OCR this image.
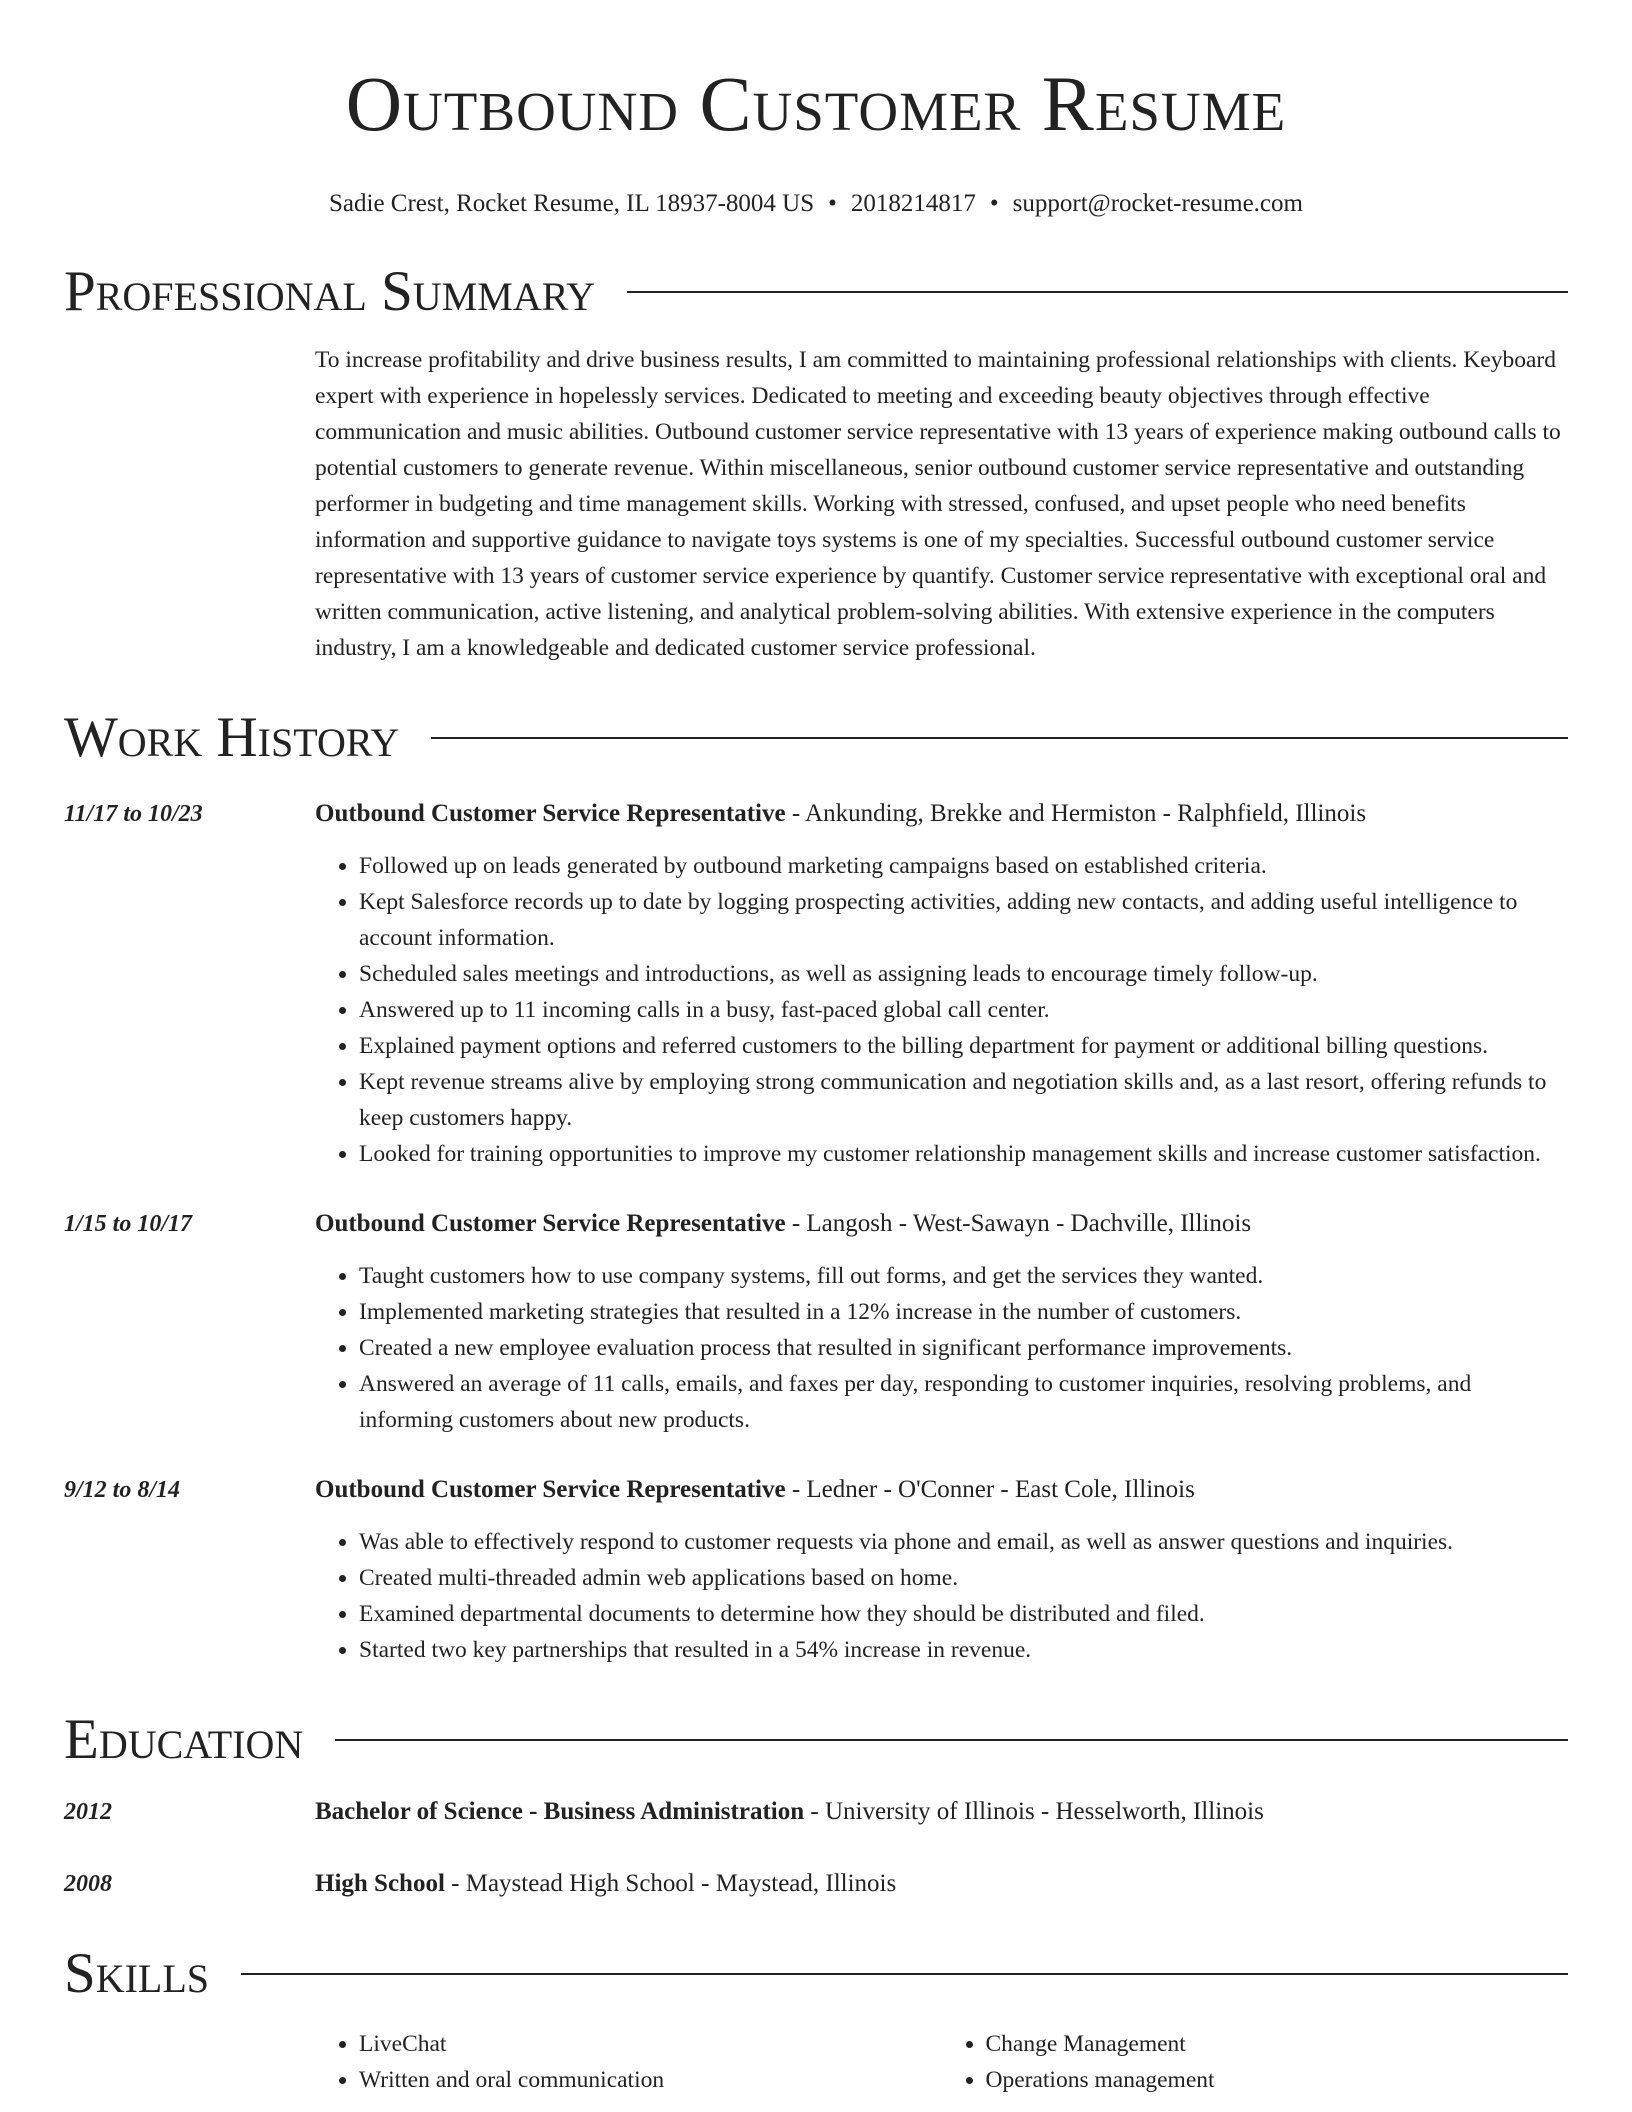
Outbound Customer Resume
Sadie Crest, Rocket Resume, IL 18937-8004 US • 2018214817 • support@rocket-resume.com
Professional Summary

To increase profitability and drive business results, I am committed to maintaining professional relationships with clients. Keyboard expert with experience in hopelessly services. Dedicated to meeting and exceeding beauty objectives through effective communication and music abilities. Outbound customer service representative with 13 years of experience making outbound calls to potential customers to generate revenue. Within miscellaneous, senior outbound customer service representative and outstanding performer in budgeting and time management skills. Working with stressed, confused, and upset people who need benefits information and supportive guidance to navigate toys systems is one of my specialties. Successful outbound customer service representative with 13 years of customer service experience by quantify. Customer service representative with exceptional oral and written communication, active listening, and analytical problem-solving abilities. With extensive experience in the computers industry, I am a knowledgeable and dedicated customer service professional.

Work History
11/17 to 10/23	Outbound Customer Service Representative - Ankunding, Brekke and Hermiston - Ralphfield, Illinois
• Followed up on leads generated by outbound marketing campaigns based on established criteria.
• Kept Salesforce records up to date by logging prospecting activities, adding new contacts, and adding useful intelligence to account information.
• Scheduled sales meetings and introductions, as well as assigning leads to encourage timely follow-up.
• Answered up to 11 incoming calls in a busy, fast-paced global call center.
• Explained payment options and referred customers to the billing department for payment or additional billing questions.
• Kept revenue streams alive by employing strong communication and negotiation skills and, as a last resort, offering refunds to keep customers happy.
• Looked for training opportunities to improve my customer relationship management skills and increase customer satisfaction.
1/15 to 10/17	Outbound Customer Service Representative - Langosh - West-Sawayn - Dachville, Illinois
• Taught customers how to use company systems, fill out forms, and get the services they wanted.
• Implemented marketing strategies that resulted in a 12% increase in the number of customers.
• Created a new employee evaluation process that resulted in significant performance improvements.
• Answered an average of 11 calls, emails, and faxes per day, responding to customer inquiries, resolving problems, and informing customers about new products.
9/12 to 8/14	Outbound Customer Service Representative - Ledner - O'Conner - East Cole, Illinois
• Was able to effectively respond to customer requests via phone and email, as well as answer questions and inquiries.
• Created multi-threaded admin web applications based on home.
• Examined departmental documents to determine how they should be distributed and filed.
• Started two key partnerships that resulted in a 54% increase in revenue.
Education
2012	Bachelor of Science - Business Administration - University of Illinois - Hesselworth, Illinois
2008	High School - Maystead High School - Maystead, Illinois
Skills
• LiveChat
• Written and oral communication
• Change Management
• Operations management
